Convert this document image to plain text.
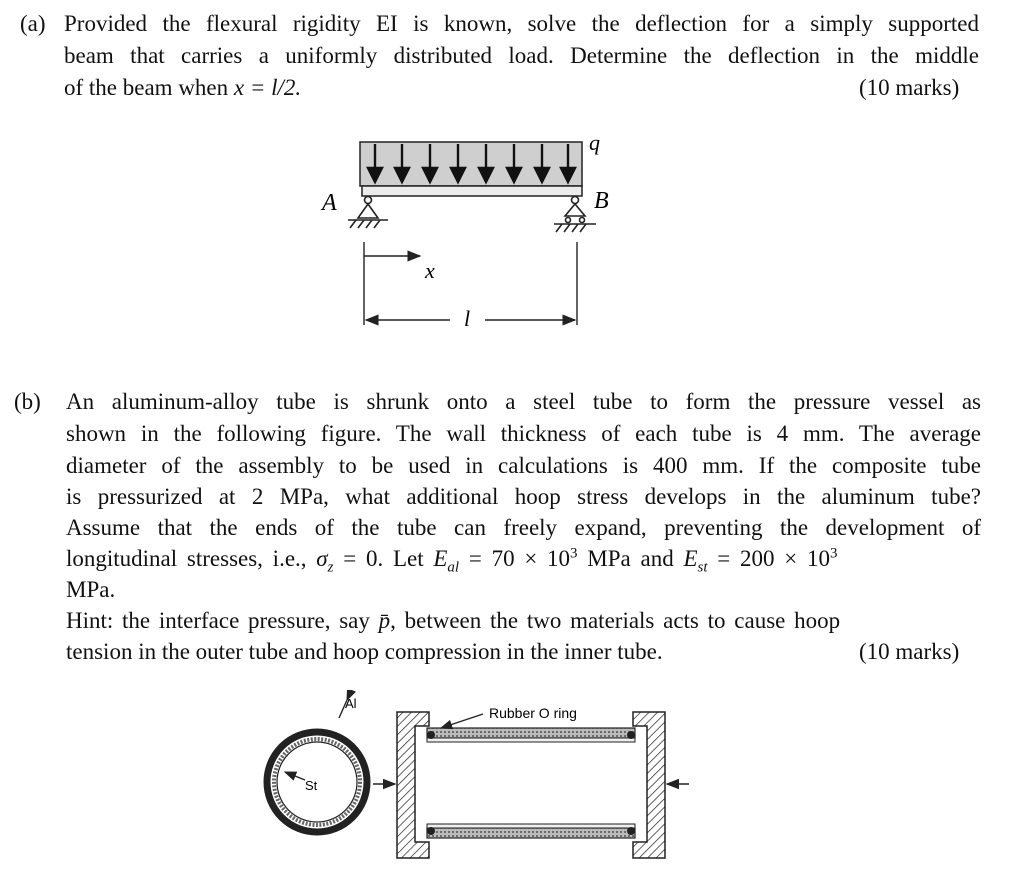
(a) Provided the flexural rigidity EI is known, solve the deflection for a simply supported
beam that carries a uniformly distributed load. Determine the deflection in the middle
of the beam when x = l/2.	(10 marks)
q
A	B
x
l
(b) An aluminum-alloy tube is shrunk onto a steel tube to form the pressure vessel as
shown in the following figure. The wall thickness of each tube is 4 mm. The average
diameter of the assembly to be used in calculations is 400 mm. If the composite tube
is pressurized at 2 MPa, what additional hoop stress develops in the aluminum tube?
Assume that the ends of the tube can freely expand, preventing the development of
longitudinal stresses, i.e., $\sigma_z = 0$. Let $E_{al} = 70 \times 10^3$ MPa and $E_{st} = 200 \times 10^3$
MPa.
Hint: the interface pressure, say p̄, between the two materials acts to cause hoop
tension in the outer tube and hoop compression in the inner tube.	(10 marks)
Al
St
Rubber O ring
